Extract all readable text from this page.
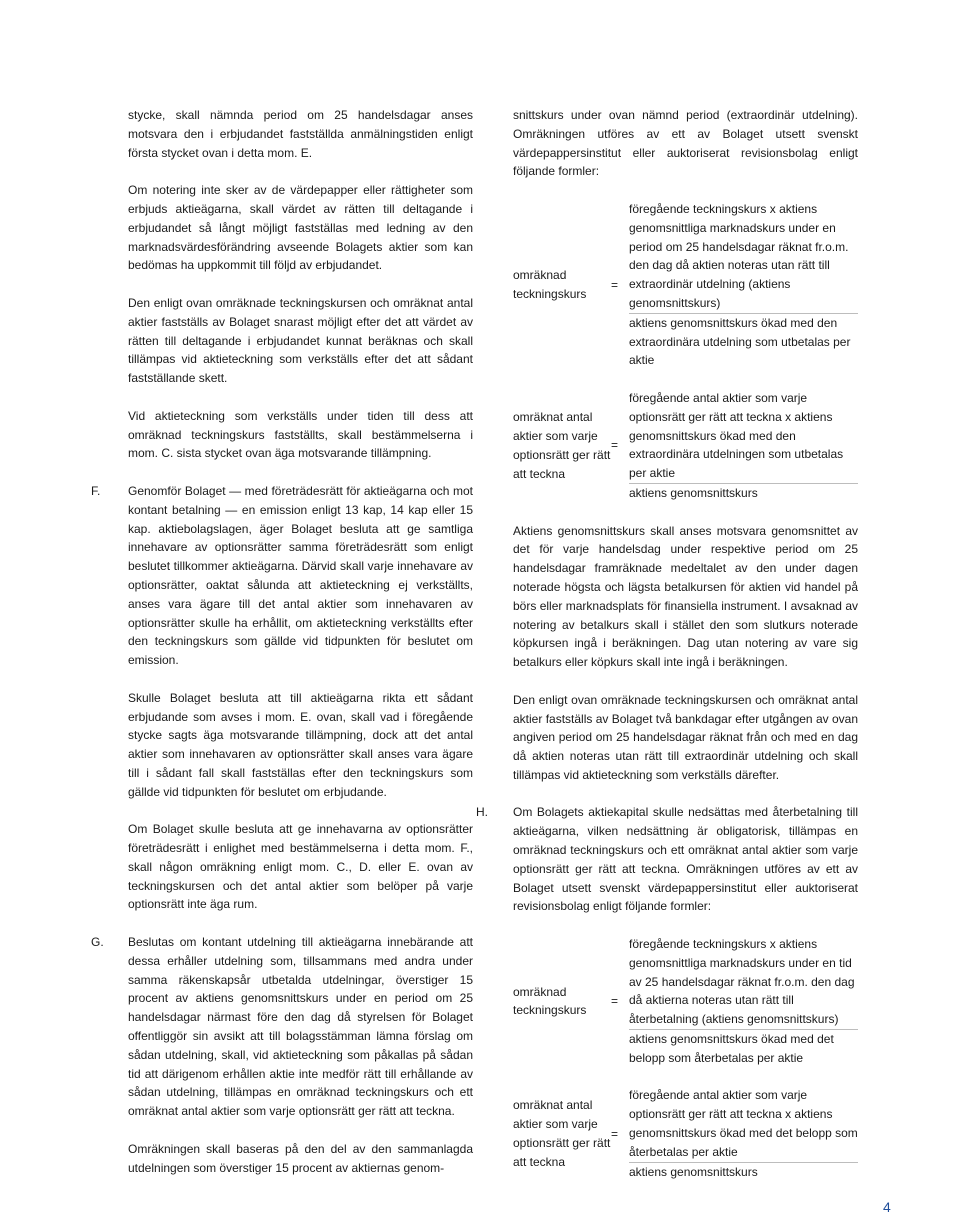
stycke, skall nämnda period om 25 handelsdagar anses motsvara den i erbjudandet fastställda anmälningstiden enligt första stycket ovan i detta mom. E.

Om notering inte sker av de värdepapper eller rättigheter som erbjuds aktieägarna, skall värdet av rätten till deltagande i erbjudandet så långt möjligt fastställas med ledning av den marknadsvärdesförändring avseende Bolagets aktier som kan bedömas ha uppkommit till följd av erbjudandet.

Den enligt ovan omräknade teckningskursen och omräknat antal aktier fastställs av Bolaget snarast möjligt efter det att värdet av rätten till deltagande i erbjudandet kunnat beräknas och skall tillämpas vid aktieteckning som verkställs efter det att sådant fastställande skett.

Vid aktieteckning som verkställs under tiden till dess att omräknad teckningskurs fastställts, skall bestämmelserna i mom. C. sista stycket ovan äga motsvarande tillämpning.

F. Genomför Bolaget — med företrädesrätt för aktieägarna och mot kontant betalning — en emission enligt 13 kap, 14 kap eller 15 kap. aktiebolagslagen, äger Bolaget besluta att ge samtliga innehavare av optionsrätter samma företrädesrätt som enligt beslutet tillkommer aktieägarna. Därvid skall varje innehavare av optionsrätter, oaktat sålunda att aktieteckning ej verkställts, anses vara ägare till det antal aktier som innehavaren av optionsrätter skulle ha erhållit, om aktieteckning verkställts efter den teckningskurs som gällde vid tidpunkten för beslutet om emission.

Skulle Bolaget besluta att till aktieägarna rikta ett sådant erbjudande som avses i mom. E. ovan, skall vad i föregående stycke sagts äga motsvarande tillämpning, dock att det antal aktier som innehavaren av optionsrätter skall anses vara ägare till i sådant fall skall fastställas efter den teckningskurs som gällde vid tidpunkten för beslutet om erbjudande.

Om Bolaget skulle besluta att ge innehavarna av optionsrätter företrädesrätt i enlighet med bestämmelserna i detta mom. F., skall någon omräkning enligt mom. C., D. eller E. ovan av teckningskursen och det antal aktier som belöper på varje optionsrätt inte äga rum.

G. Beslutas om kontant utdelning till aktieägarna innebärande att dessa erhåller utdelning som, tillsammans med andra under samma räkenskapsår utbetalda utdelningar, överstiger 15 procent av aktiens genomsnittskurs under en period om 25 handelsdagar närmast före den dag då styrelsen för Bolaget offentliggör sin avsikt att till bolagsstämman lämna förslag om sådan utdelning, skall, vid aktieteckning som påkallas på sådan tid att därigenom erhållen aktie inte medför rätt till erhållande av sådan utdelning, tillämpas en omräknad teckningskurs och ett omräknat antal aktier som varje optionsrätt ger rätt att teckna.

Omräkningen skall baseras på den del av den sammanlagda utdelningen som överstiger 15 procent av aktiernas genom-

snittskurs under ovan nämnd period (extraordinär utdelning). Omräkningen utföres av ett av Bolaget utsett svenskt värdepappersinstitut eller auktoriserat revisionsbolag enligt följande formler:

omräknad
teckningskurs
=
föregående teckningskurs x aktiens genomsnittliga marknadskurs under en period om 25 handelsdagar räknat fr.o.m. den dag då aktien noteras utan rätt till extraordinär utdelning (aktiens genomsnittskurs)
aktiens genomsnittskurs ökad med den extraordinära utdelning som utbetalas per aktie
omräknat antal aktier som varje optionsrätt ger rätt att teckna
=
föregående antal aktier som varje optionsrätt ger rätt att teckna x aktiens genomsnittskurs ökad med den extraordinära utdelningen som utbetalas per aktie
aktiens genomsnittskurs

Aktiens genomsnittskurs skall anses motsvara genomsnittet av det för varje handelsdag under respektive period om 25 handelsdagar framräknade medeltalet av den under dagen noterade högsta och lägsta betalkursen för aktien vid handel på börs eller marknadsplats för finansiella instrument. I avsaknad av notering av betalkurs skall i stället den som slutkurs noterade köpkursen ingå i beräkningen. Dag utan notering av vare sig betalkurs eller köpkurs skall inte ingå i beräkningen.

Den enligt ovan omräknade teckningskursen och omräknat antal aktier fastställs av Bolaget två bankdagar efter utgången av ovan angiven period om 25 handelsdagar räknat från och med en dag då aktien noteras utan rätt till extraordinär utdelning och skall tillämpas vid aktieteckning som verkställs därefter.

H. Om Bolagets aktiekapital skulle nedsättas med återbetalning till aktieägarna, vilken nedsättning är obligatorisk, tillämpas en omräknad teckningskurs och ett omräknat antal aktier som varje optionsrätt ger rätt att teckna. Omräkningen utföres av ett av Bolaget utsett svenskt värdepappersinstitut eller auktoriserat revisionsbolag enligt följande formler:
omräknad
teckningskurs
=
föregående teckningskurs x aktiens genomsnittliga marknadskurs under en tid av 25 handelsdagar räknat fr.o.m. den dag då aktierna noteras utan rätt till återbetalning (aktiens genomsnittskurs)
aktiens genomsnittskurs ökad med det belopp som återbetalas per aktie
omräknat antal aktier som varje optionsrätt ger rätt att teckna
=
föregående antal aktier som varje optionsrätt ger rätt att teckna x aktiens genomsnittskurs ökad med det belopp som återbetalas per aktie
aktiens genomsnittskurs
4
